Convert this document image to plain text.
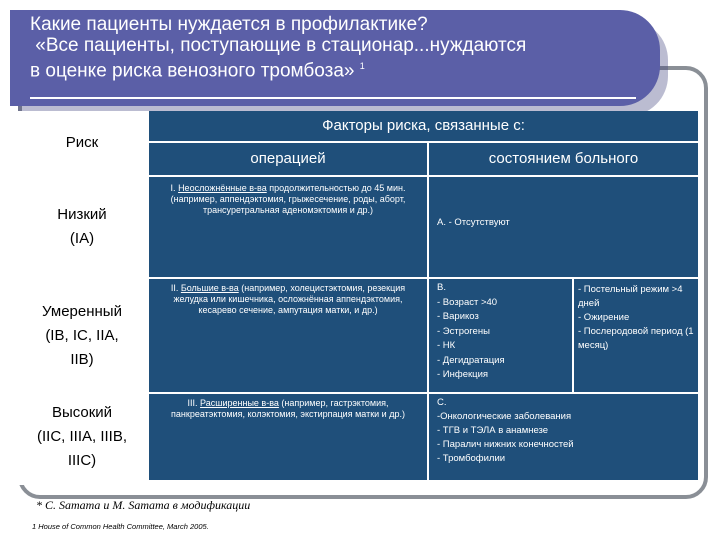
Какие пациенты нуждается в профилактике?
«Все пациенты, поступающие в стационар...нуждаются
в оценке риска венозного тромбоза» $^1$
Риск
Факторы риска, связанные с:
операцией	состоянием больного
Низкий
(IA)
I. Неосложнённые в-ва продолжительностью до 45 мин. (например, аппендэктомия, грыжесечение, роды, аборт, трансуретральная аденомэктомия и др.)
А. - Отсутствуют
Умеренный
(IB, IC, IIA,
IIB)
II. Большие в-ва (например, холецистэктомия, резекция желудка или кишечника, осложнённая аппендэктомия, кесарево сечение, ампутация матки, и др.)
В.
- Возраст >40
- Варикоз
- Эстрогены
- НК
- Дегидратация
- Инфекция
- Постельный режим >4 дней
- Ожирение
- Послеродовой период (1 месяц)
Высокий
(IIC, IIIA, IIIB,
IIIC)
III. Расширенные в-ва (например, гастрэктомия, панкреатэктомия, колэктомия, экстирпация матки и др.)
С.
-Онкологические заболевания
- ТГВ и ТЭЛА в анамнезе
- Паралич нижних конечностей
- Тромбофилии
* С. Samama и M. Samama в модификации
1 House of Common Health Committee, March 2005.
